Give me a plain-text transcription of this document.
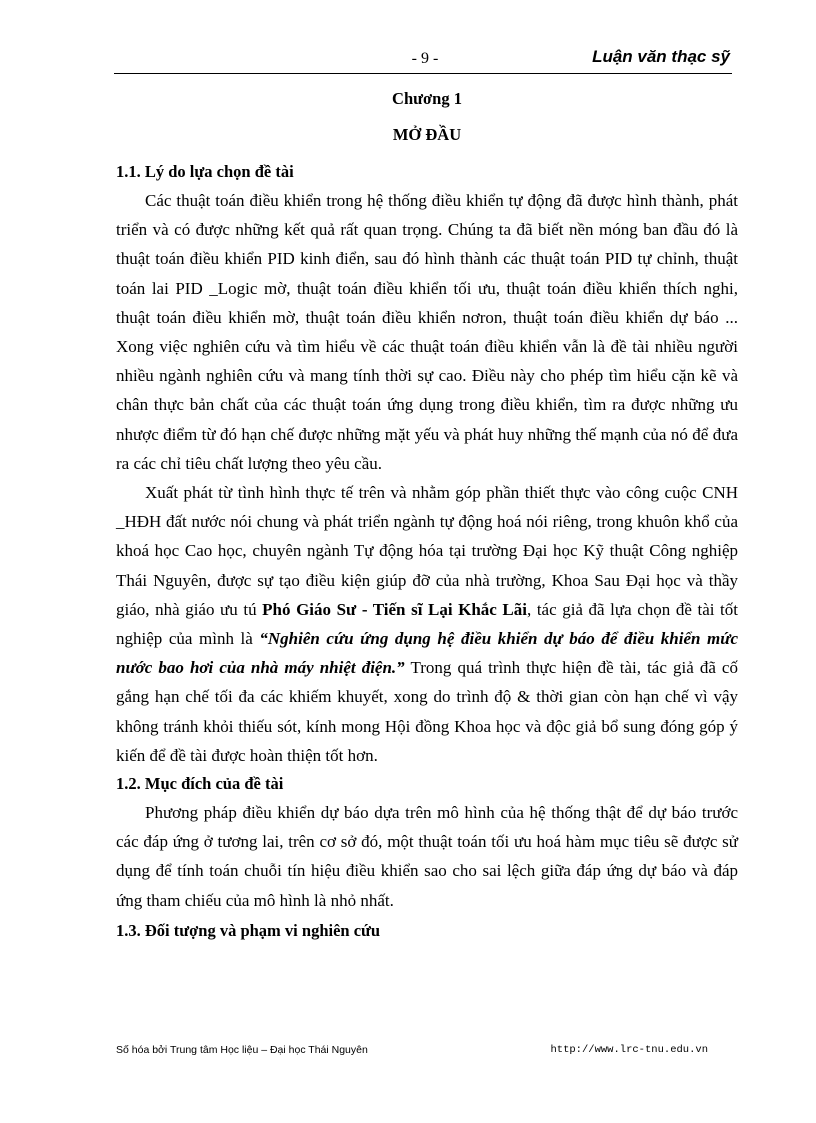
- 9 -	Luận văn thạc sỹ
Chương 1
MỞ ĐẦU
1.1. Lý do lựa chọn đề tài

Các thuật toán điều khiển trong hệ thống điều khiển tự động đã được hình thành, phát triển và có được những kết quả rất quan trọng. Chúng ta đã biết nền móng ban đầu đó là thuật toán điều khiển PID kinh điển, sau đó hình thành các thuật toán PID tự chỉnh, thuật toán lai PID _Logic mờ, thuật toán điều khiển tối ưu, thuật toán điều khiển thích nghi, thuật toán điều khiển mờ, thuật toán điều khiển nơron, thuật toán điều khiển dự báo ... Xong việc nghiên cứu và tìm hiểu về các thuật toán điều khiển vẫn là đề tài nhiều người nhiều ngành nghiên cứu và mang tính thời sự cao. Điều này cho phép tìm hiểu cặn kẽ và chân thực bản chất của các thuật toán ứng dụng trong điều khiển, tìm ra được những ưu nhược điểm từ đó hạn chế được những mặt yếu và phát huy những thế mạnh của nó để đưa ra các chỉ tiêu chất lượng theo yêu cầu.

Xuất phát từ tình hình thực tế trên và nhằm góp phần thiết thực vào công cuộc CNH _HĐH đất nước nói chung và phát triển ngành tự động hoá nói riêng, trong khuôn khổ của khoá học Cao học, chuyên ngành Tự động hóa tại trường Đại học Kỹ thuật Công nghiệp Thái Nguyên, được sự tạo điều kiện giúp đỡ của nhà trường, Khoa Sau Đại học và thầy giáo, nhà giáo ưu tú Phó Giáo Sư - Tiến sĩ Lại Khắc Lãi, tác giả đã lựa chọn đề tài tốt nghiệp của mình là “Nghiên cứu ứng dụng hệ điều khiển dự báo để điều khiển mức nước bao hơi của nhà máy nhiệt điện.” Trong quá trình thực hiện đề tài, tác giả đã cố gắng hạn chế tối đa các khiếm khuyết, xong do trình độ & thời gian còn hạn chế vì vậy không tránh khỏi thiếu sót, kính mong Hội đồng Khoa học và độc giả bổ sung đóng góp ý kiến để đề tài được hoàn thiện tốt hơn.

1.2. Mục đích của đề tài

Phương pháp điều khiển dự báo dựa trên mô hình của hệ thống thật để dự báo trước các đáp ứng ở tương lai, trên cơ sở đó, một thuật toán tối ưu hoá hàm mục tiêu sẽ được sử dụng để tính toán chuỗi tín hiệu điều khiển sao cho sai lệch giữa đáp ứng dự báo và đáp ứng tham chiếu của mô hình là nhỏ nhất.

1.3. Đối tượng và phạm vi nghiên cứu
Số hóa bởi Trung tâm Học liệu – Đại học Thái Nguyên	http://www.lrc-tnu.edu.vn
